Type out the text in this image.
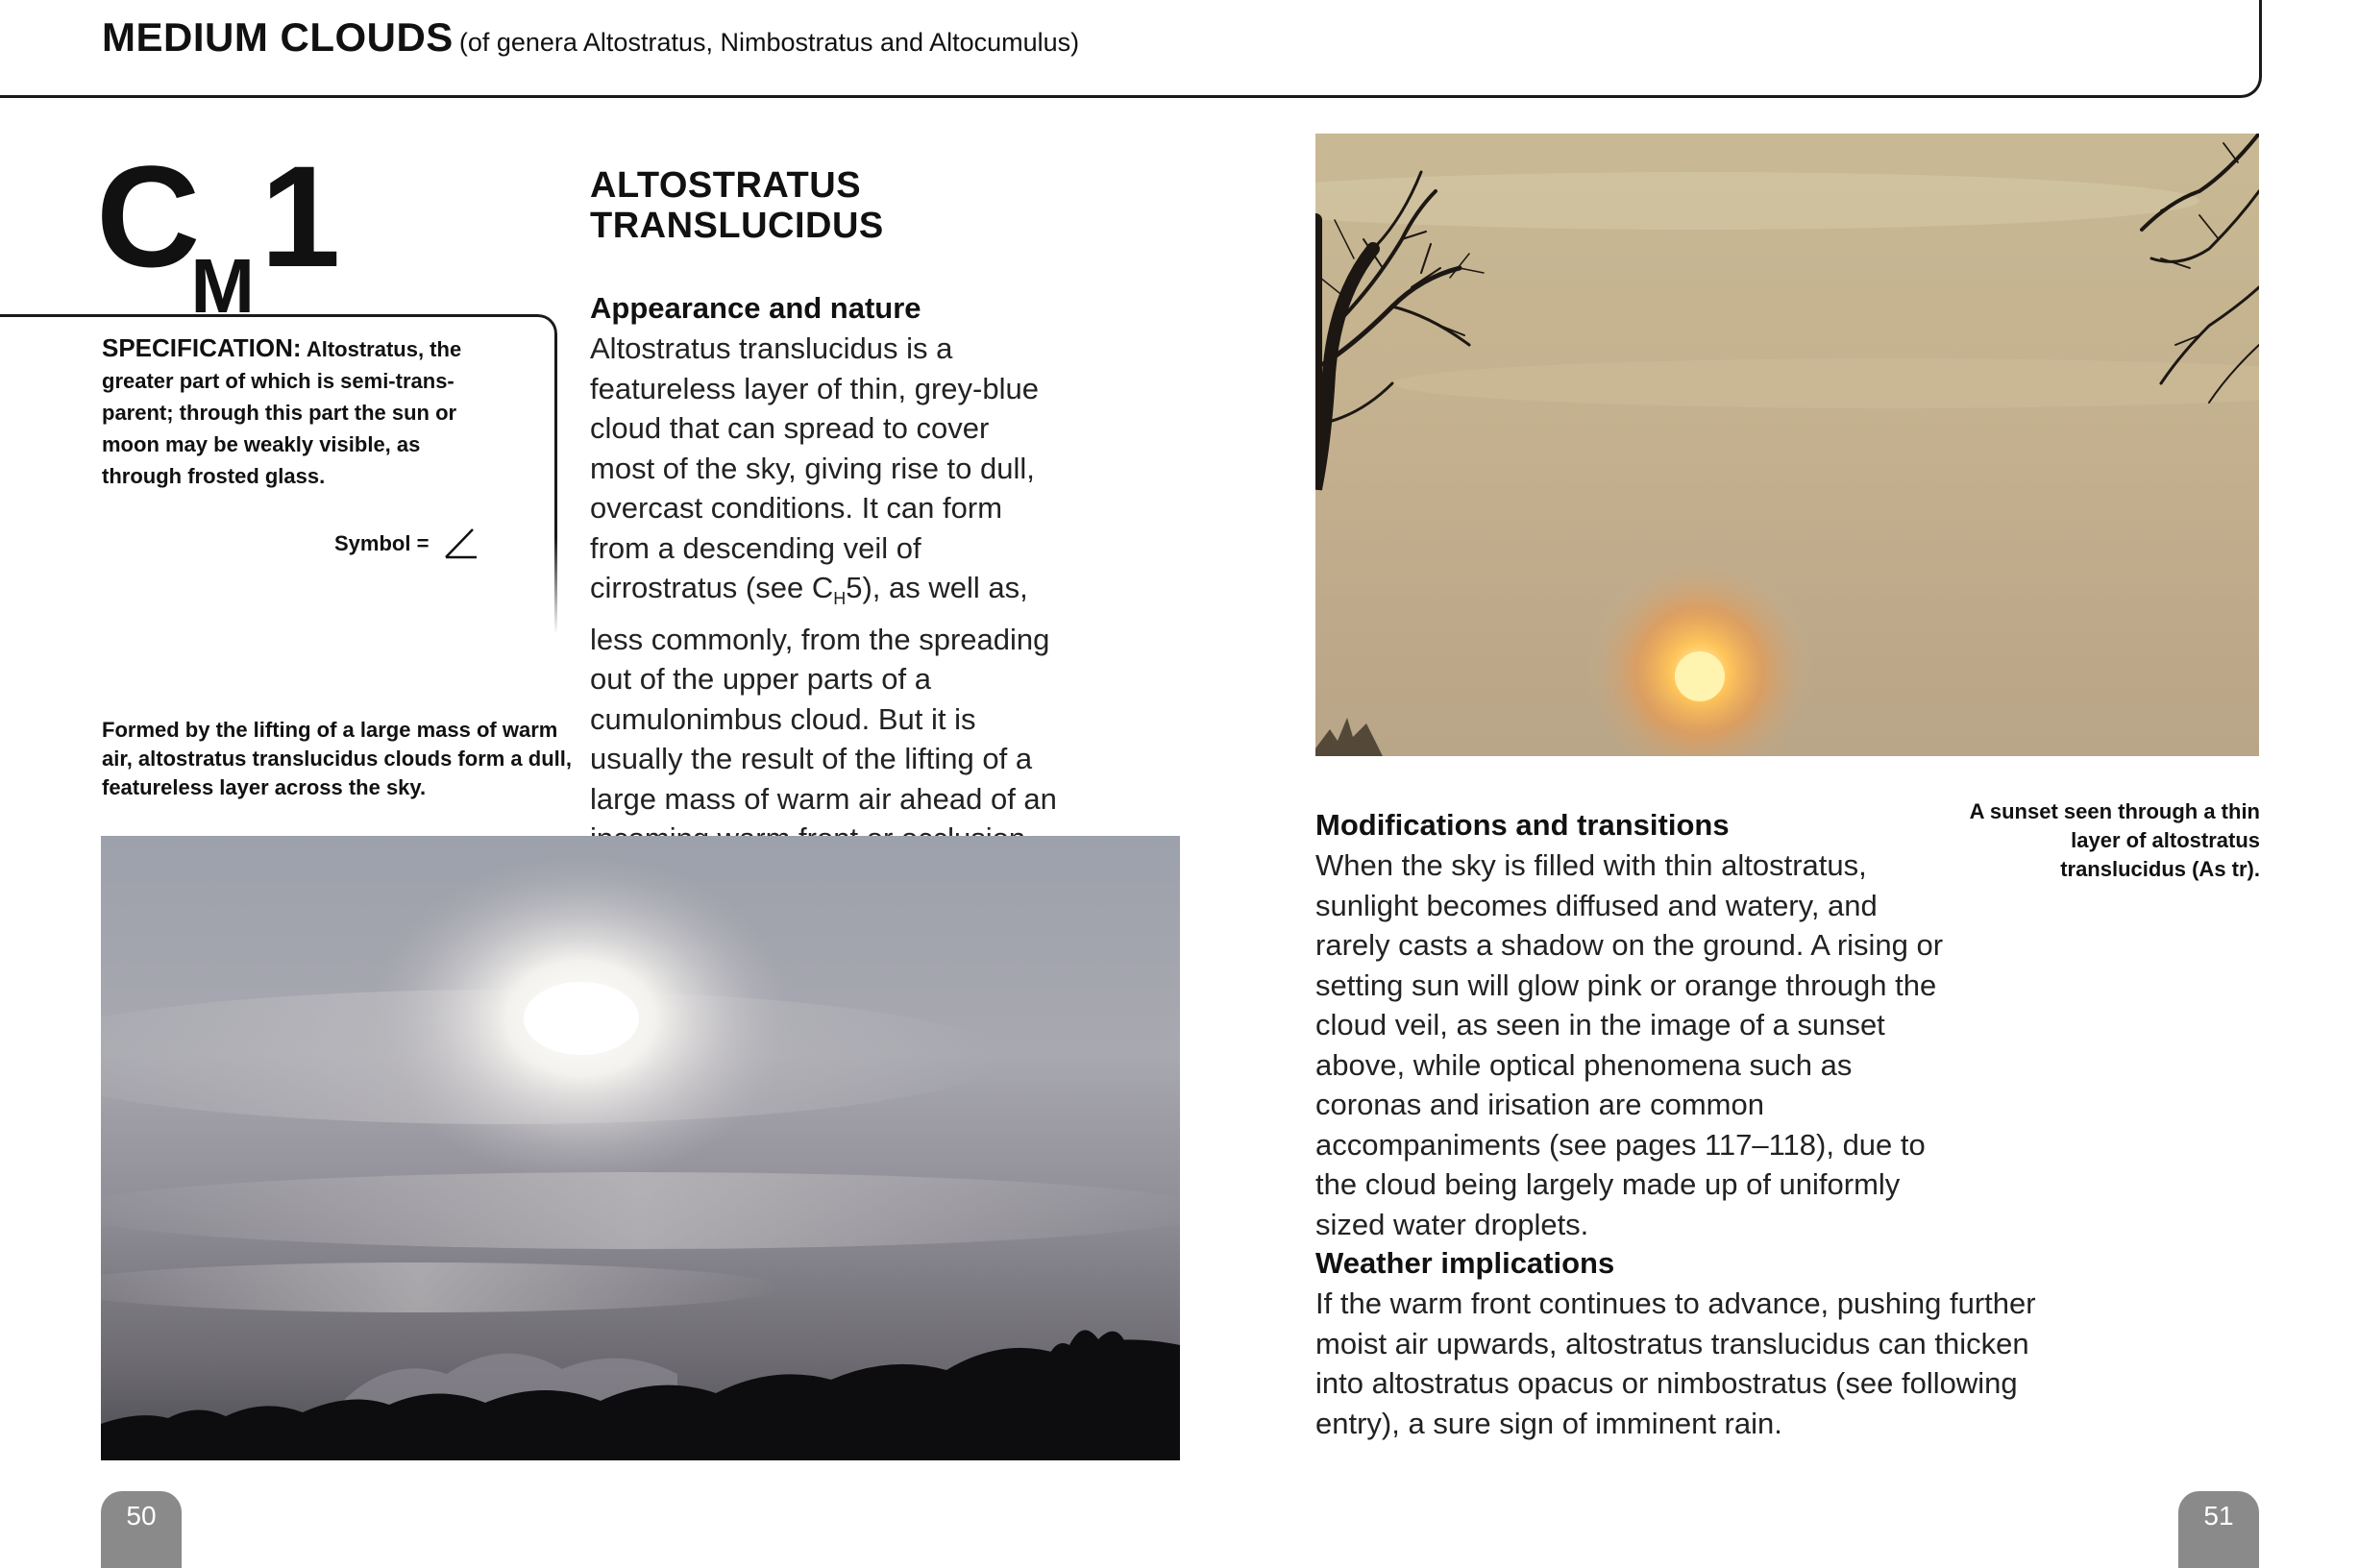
MEDIUM CLOUDS (of genera Altostratus, Nimbostratus and Altocumulus)
CM1
SPECIFICATION: Altostratus, the greater part of which is semi-trans-parent; through this part the sun or moon may be weakly visible, as through frosted glass.
Symbol =
Formed by the lifting of a large mass of warm air, altostratus translucidus clouds form a dull, featureless layer across the sky.
ALTOSTRATUS
TRANSLUCIDUS
Appearance and nature
Altostratus translucidus is a featureless layer of thin, grey-blue cloud that can spread to cover most of the sky, giving rise to dull, overcast conditions. It can form from a descending veil of cirrostratus (see $C_H5$), as well as, less commonly, from the spreading out of the upper parts of a cumulonimbus cloud. But it is usually the result of the lifting of a large mass of warm air ahead of an	A sunset seen through a thin layer of altostratus translucidus (As tr).
Modifications and transitions
When the sky is filled with thin altostratus, sunlight becomes diffused and watery, and rarely casts a shadow on the ground. A rising or setting sun will glow pink or orange through the cloud veil, as seen in the image of a sunset above, while optical phenomena such as coronas and irisation are common accompaniments (see pages 117–118), due to the cloud being largely made up of uniformly sized water droplets.
Weather implications
If the warm front continues to advance, pushing further moist air upwards, altostratus translucidus can thicken into altostratus opacus or nimbostratus (see following entry), a sure sign of imminent rain.
50	51
